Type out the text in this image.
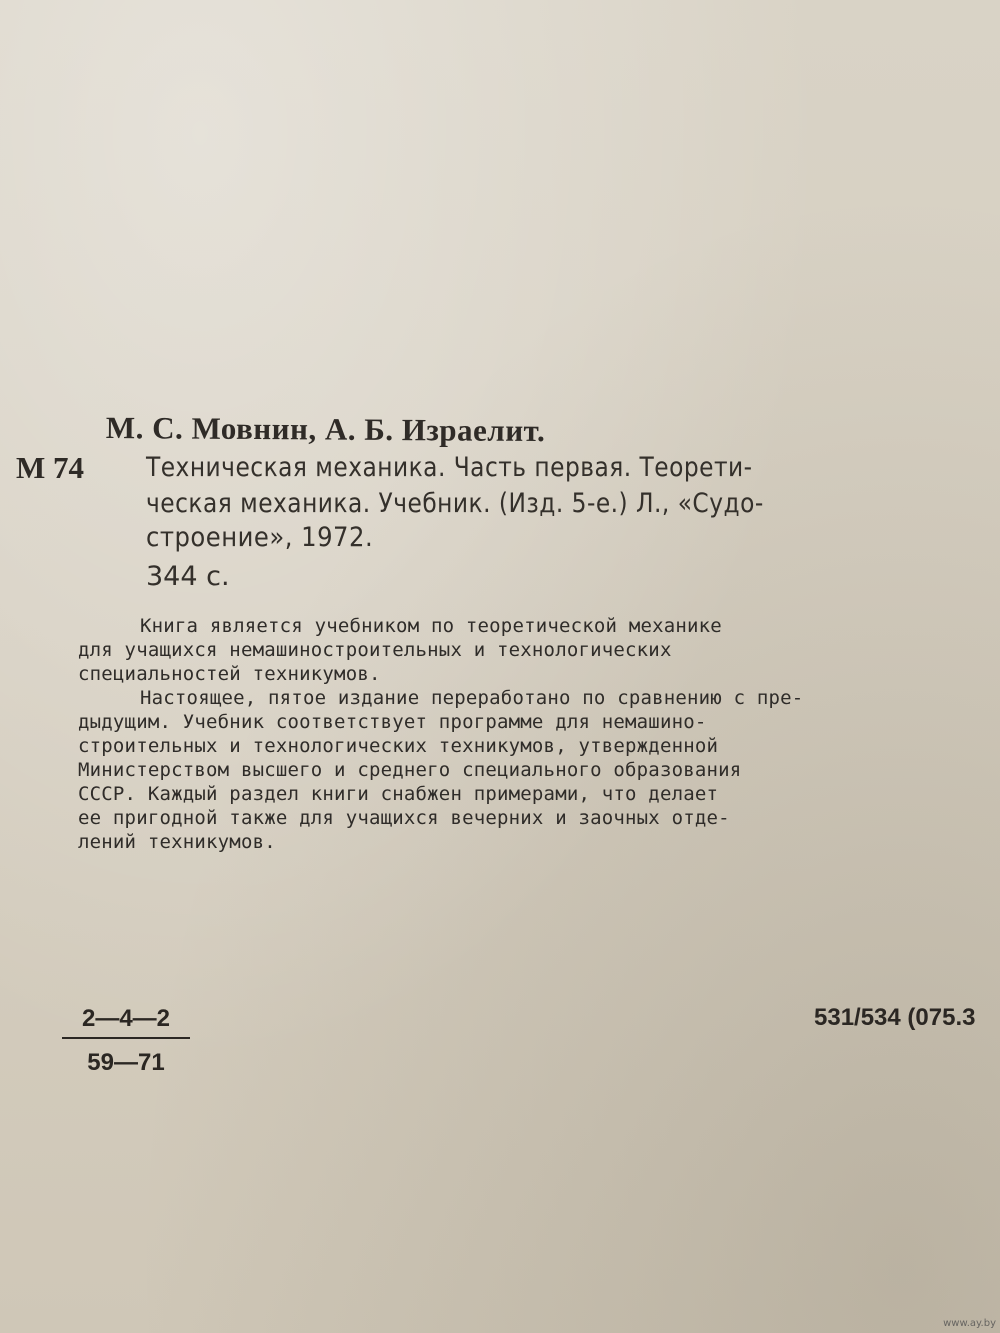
М. С. Мовнин, А. Б. Израелит.
М 74 Техническая механика. Часть первая. Теорети-
ческая механика. Учебник. (Изд. 5-е.) Л., «Судо-
строение», 1972.
344 с.
Книга является учебником по теоретической механике
для учащихся немашиностроительных и технологических
специальностей техникумов.
Настоящее, пятое издание переработано по сравнению с пре-
дыдущим. Учебник соответствует программе для немашино-
строительных и технологических техникумов, утвержденной
Министерством высшего и среднего специального образования
СССР. Каждый раздел книги снабжен примерами, что делает
ее пригодной также для учащихся вечерних и заочных отде-
лений техникумов.
$\frac{2—4—2}{59—71}$	531/534 (075.3
www.ay.by
